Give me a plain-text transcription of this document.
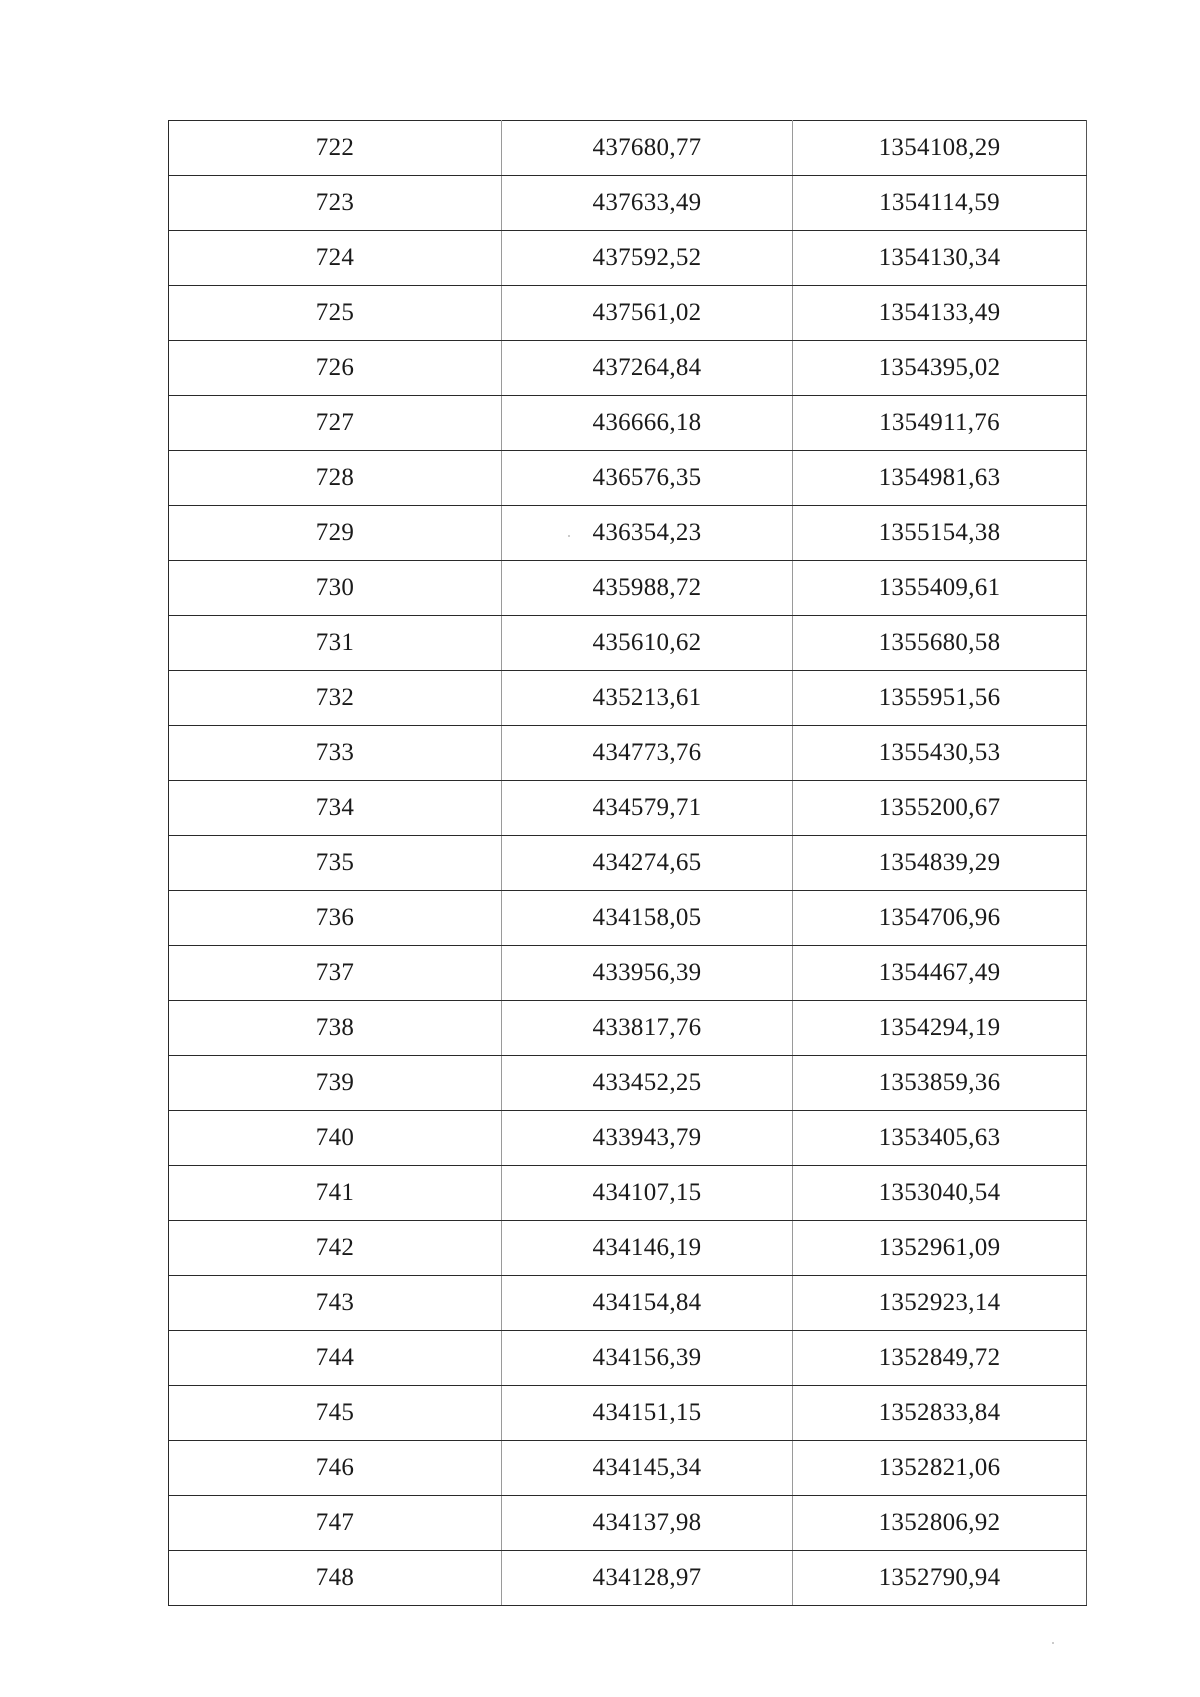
722	437680,77	1354108,29
723	437633,49	1354114,59
724	437592,52	1354130,34
725	437561,02	1354133,49
726	437264,84	1354395,02
727	436666,18	1354911,76
728	436576,35	1354981,63
729	436354,23	1355154,38
730	435988,72	1355409,61
731	435610,62	1355680,58
732	435213,61	1355951,56
733	434773,76	1355430,53
734	434579,71	1355200,67
735	434274,65	1354839,29
736	434158,05	1354706,96
737	433956,39	1354467,49
738	433817,76	1354294,19
739	433452,25	1353859,36
740	433943,79	1353405,63
741	434107,15	1353040,54
742	434146,19	1352961,09
743	434154,84	1352923,14
744	434156,39	1352849,72
745	434151,15	1352833,84
746	434145,34	1352821,06
747	434137,98	1352806,92
748	434128,97	1352790,94
